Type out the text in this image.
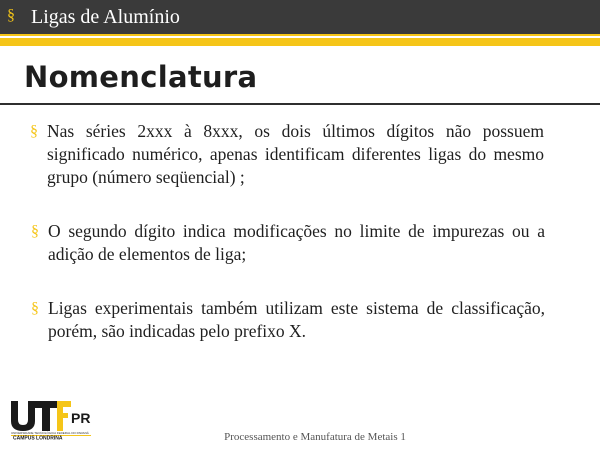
§ Ligas de Alumínio
Nomenclatura
§ Nas séries 2xxx à 8xxx, os dois últimos dígitos não possuem significado numérico, apenas identificam diferentes ligas do mesmo grupo (número seqüencial) ;
§ O segundo dígito indica modificações no limite de impurezas ou a adição de elementos de liga;
§ Ligas experimentais também utilizam este sistema de classificação, porém, são indicadas pelo prefixo X.
PR
UNIVERSIDADE TECNOLÓGICA FEDERAL DO PARANÁ
CAMPUS LONDRINA	Processamento e Manufatura de Metais 1
